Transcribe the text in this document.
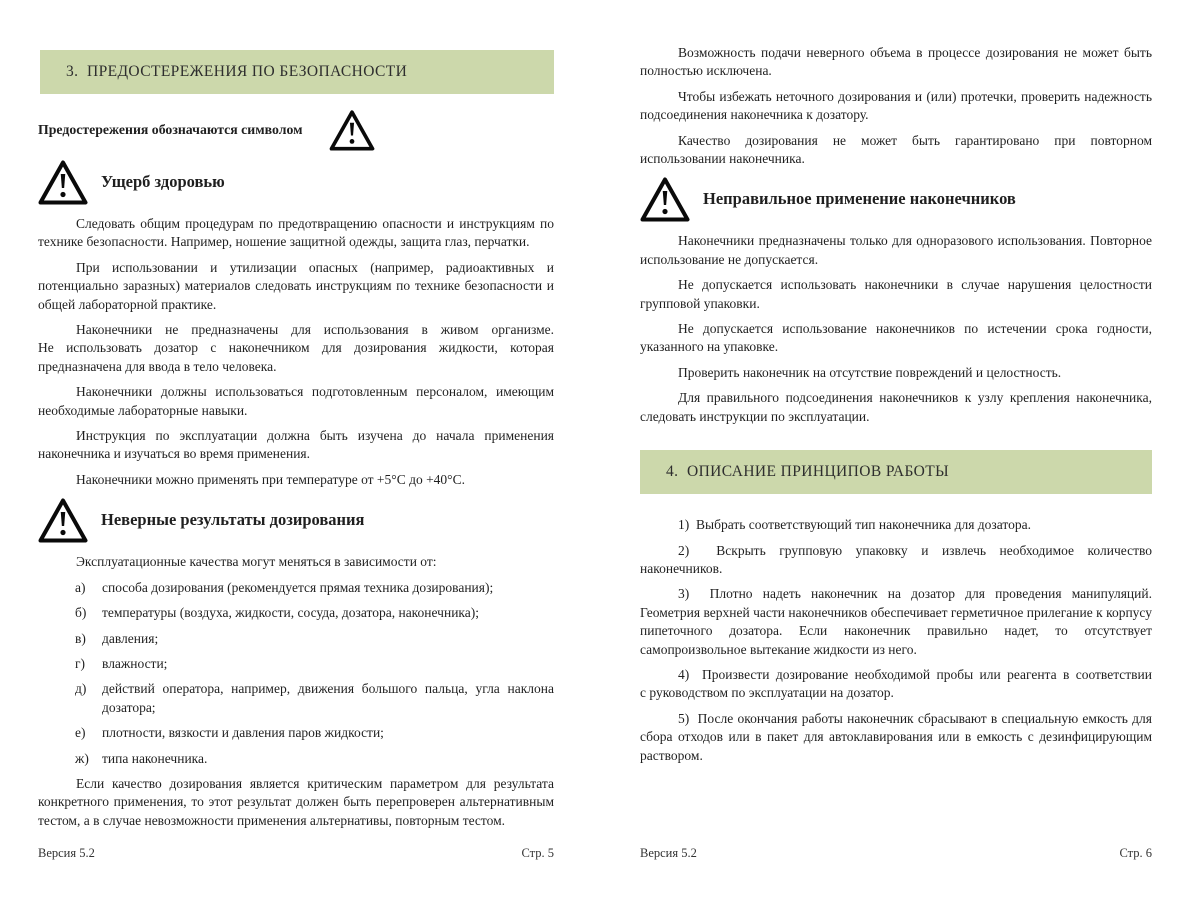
3.  ПРЕДОСТЕРЕЖЕНИЯ ПО БЕЗОПАСНОСТИ
Предостережения обозначаются символом
Ущерб здоровью

Следовать общим процедурам по предотвращению опасности и инструкциям по технике безопасности. Например, ношение защитной одежды, защита глаз, перчатки.

При использовании и утилизации опасных (например, радиоактивных и потенциально заразных) материалов следовать инструкциям по технике безопасности и общей лабораторной практике.

Наконечники не предназначены для использования в живом организме. Не использовать дозатор с наконечником для дозирования жидкости, которая предназначена для ввода в тело человека.

Наконечники должны использоваться подготовленным персоналом, имеющим необходимые лабораторные навыки.

Инструкция по эксплуатации должна быть изучена до начала применения наконечника и изучаться во время применения.

Наконечники можно применять при температуре от +5°С до +40°С.

Неверные результаты дозирования

Эксплуатационные качества могут меняться в зависимости от:

а) способа дозирования (рекомендуется прямая техника дозирования);
б) температуры (воздуха, жидкости, сосуда, дозатора, наконечника);
в) давления;
г) влажности;
д) действий оператора, например, движения большого пальца, угла наклона дозатора;
е) плотности, вязкости и давления паров жидкости;
ж) типа наконечника.

Если качество дозирования является критическим параметром для результата конкретного применения, то этот результат должен быть перепроверен альтернативным тестом, а в случае невозможности применения альтернативы, повторным тестом.

Версия 5.2	Стр. 5

Возможность подачи неверного объема в процессе дозирования не может быть полностью исключена.

Чтобы избежать неточного дозирования и (или) протечки, проверить надежность подсоединения наконечника к дозатору.

Качество дозирования не может быть гарантировано при повторном использовании наконечника.

Неправильное применение наконечников

Наконечники предназначены только для одноразового использования. Повторное использование не допускается.

Не допускается использовать наконечники в случае нарушения целостности групповой упаковки.

Не допускается использование наконечников по истечении срока годности, указанного на упаковке.

Проверить наконечник на отсутствие повреждений и целостность.

Для правильного подсоединения наконечников к узлу крепления наконечника, следовать инструкции по эксплуатации.

4.  ОПИСАНИЕ ПРИНЦИПОВ РАБОТЫ

1)  Выбрать соответствующий тип наконечника для дозатора.

2)  Вскрыть групповую упаковку и извлечь необходимое количество наконечников.

3)  Плотно надеть наконечник на дозатор для проведения манипуляций. Геометрия верхней части наконечников обеспечивает герметичное прилегание к корпусу пипеточного дозатора. Если наконечник правильно надет, то отсутствует самопроизвольное вытекание жидкости из него.

4)  Произвести дозирование необходимой пробы или реагента в соответствии с руководством по эксплуатации на дозатор.

5)  После окончания работы наконечник сбрасывают в специальную емкость для сбора отходов или в пакет для автоклавирования или в емкость с дезинфицирующим раствором.

Версия 5.2	Стр. 6
